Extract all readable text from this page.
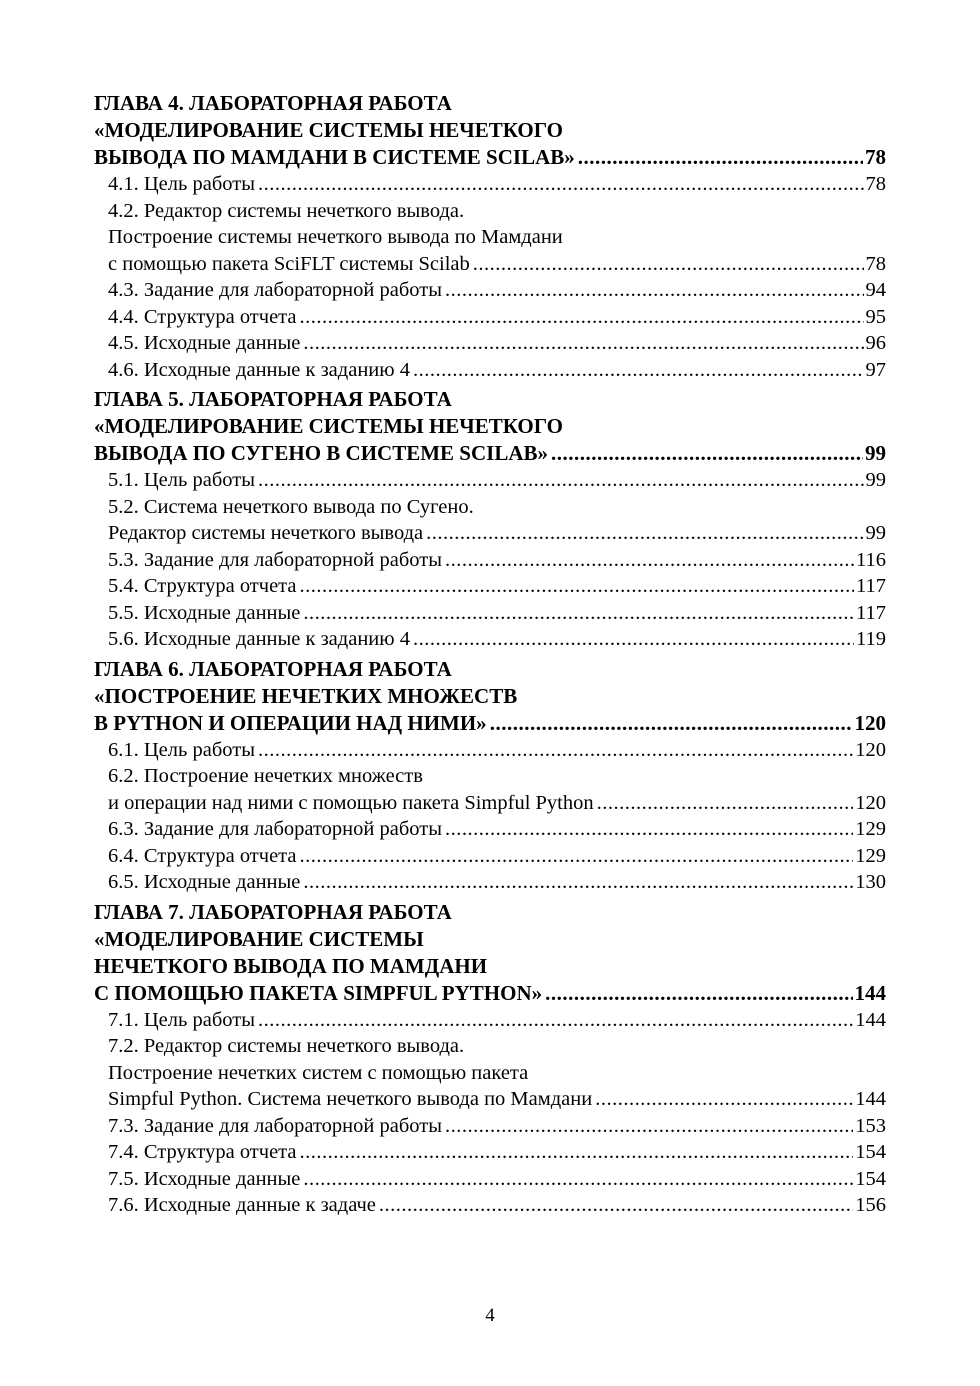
ГЛАВА 4. ЛАБОРАТОРНАЯ РАБОТА
«МОДЕЛИРОВАНИЕ СИСТЕМЫ НЕЧЕТКОГО
ВЫВОДА ПО МАМДАНИ В СИСТЕМЕ SCILAB» .....	78
4.1. Цель работы .....	78
4.2. Редактор системы нечеткого вывода.
Построение системы нечеткого вывода по Мамдани
с помощью пакета SciFLT системы Scilab .....	78
4.3. Задание для лабораторной работы .....	94
4.4. Структура отчета .....	95
4.5. Исходные данные .....	96
4.6. Исходные данные к заданию 4 .....	97
ГЛАВА 5. ЛАБОРАТОРНАЯ РАБОТА
«МОДЕЛИРОВАНИЕ СИСТЕМЫ НЕЧЕТКОГО
ВЫВОДА ПО СУГЕНО В СИСТЕМЕ SCILAB» .....	99
5.1. Цель работы .....	99
5.2. Система нечеткого вывода по Сугено.
Редактор системы нечеткого вывода .....	99
5.3. Задание для лабораторной работы .....	116
5.4. Структура отчета .....	117
5.5. Исходные данные .....	117
5.6. Исходные данные к заданию 4 .....	119
ГЛАВА 6. ЛАБОРАТОРНАЯ РАБОТА
«ПОСТРОЕНИЕ НЕЧЕТКИХ МНОЖЕСТВ
В PYTHON И ОПЕРАЦИИ НАД НИМИ» .....	120
6.1. Цель работы .....	120
6.2. Построение нечетких множеств
и операции над ними с помощью пакета Simpful Python .....	120
6.3. Задание для лабораторной работы .....	129
6.4. Структура отчета .....	129
6.5. Исходные данные .....	130
ГЛАВА 7. ЛАБОРАТОРНАЯ РАБОТА
«МОДЕЛИРОВАНИЕ СИСТЕМЫ
НЕЧЕТКОГО ВЫВОДА ПО МАМДАНИ
С ПОМОЩЬЮ ПАКЕТА SIMPFUL PYTHON» .....	144
7.1. Цель работы .....	144
7.2. Редактор системы нечеткого вывода.
Построение нечетких систем с помощью пакета
Simpful Python. Система нечеткого вывода по Мамдани .....	144
7.3. Задание для лабораторной работы .....	153
7.4. Структура отчета .....	154
7.5. Исходные данные .....	154
7.6. Исходные данные к задаче .....	156
4
